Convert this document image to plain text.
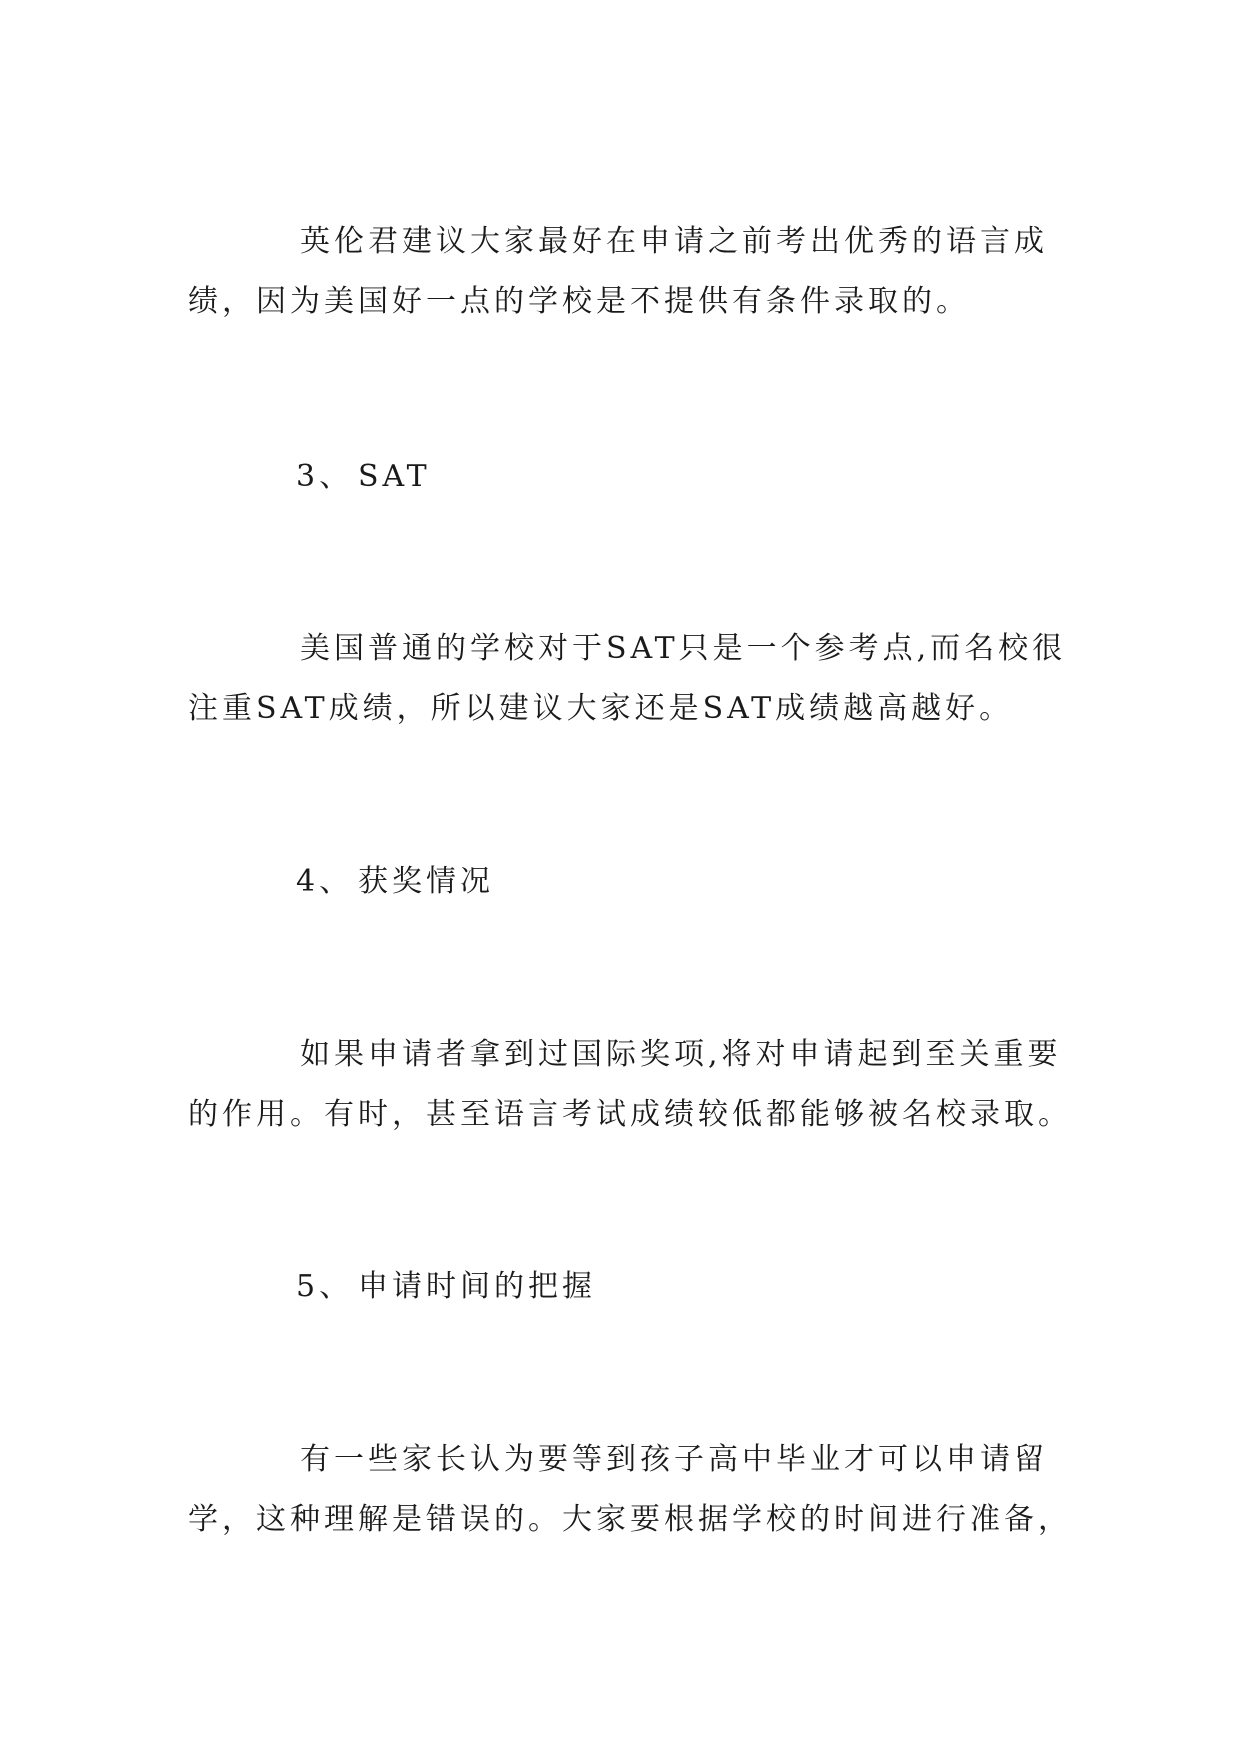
英伦君建议大家最好在申请之前考出优秀的语言成
绩，因为美国好一点的学校是不提供有条件录取的。
3、 SAT
美国普通的学校对于SAT只是一个参考点,而名校很
注重SAT成绩，所以建议大家还是SAT成绩越高越好。
4、 获奖情况
如果申请者拿到过国际奖项,将对申请起到至关重要
的作用。有时，甚至语言考试成绩较低都能够被名校录取。
5、 申请时间的把握
有一些家长认为要等到孩子高中毕业才可以申请留
学，这种理解是错误的。大家要根据学校的时间进行准备，
